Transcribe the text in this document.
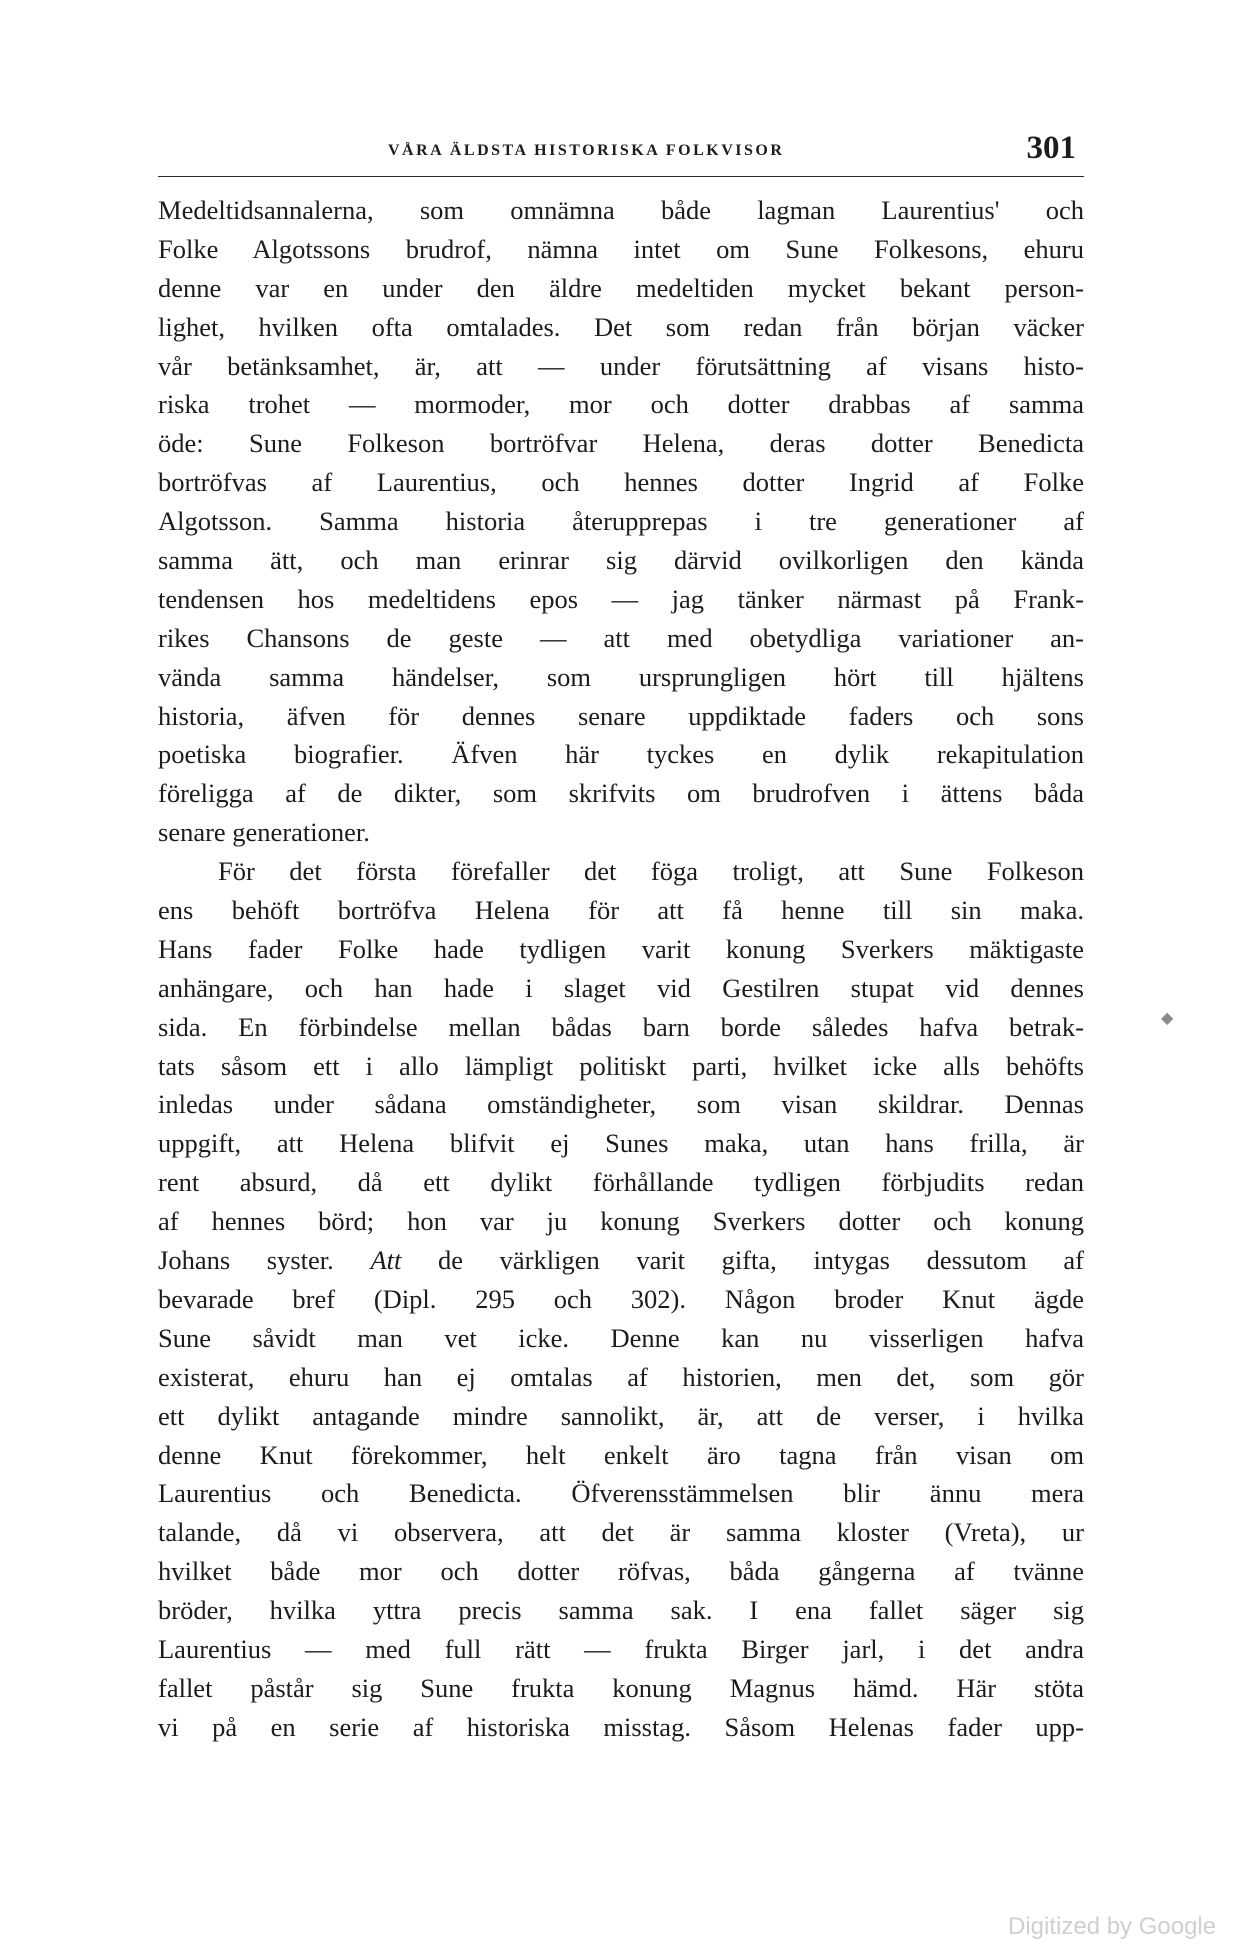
VÅRA ÄLDSTA HISTORISKA FOLKVISOR	301
Medeltidsannalerna, som omnämna både lagman Laurentius' och
Folke Algotssons brudrof, nämna intet om Sune Folkesons, ehuru
denne var en under den äldre medeltiden mycket bekant person-
lighet, hvilken ofta omtalades. Det som redan från början väcker
vår betänksamhet, är, att — under förutsättning af visans histo-
riska trohet — mormoder, mor och dotter drabbas af samma
öde: Sune Folkeson bortröfvar Helena, deras dotter Benedicta
bortröfvas af Laurentius, och hennes dotter Ingrid af Folke
Algotsson. Samma historia återupprepas i tre generationer af
samma ätt, och man erinrar sig därvid ovilkorligen den kända
tendensen hos medeltidens epos — jag tänker närmast på Frank-
rikes Chansons de geste — att med obetydliga variationer an-
vända samma händelser, som ursprungligen hört till hjältens
historia, äfven för dennes senare uppdiktade faders och sons
poetiska biografier. Äfven här tyckes en dylik rekapitulation
föreligga af de dikter, som skrifvits om brudrofven i ättens båda
senare generationer.
För det första förefaller det föga troligt, att Sune Folkeson
ens behöft bortröfva Helena för att få henne till sin maka.
Hans fader Folke hade tydligen varit konung Sverkers mäktigaste
anhängare, och han hade i slaget vid Gestilren stupat vid dennes
sida. En förbindelse mellan bådas barn borde således hafva betrak-
tats såsom ett i allo lämpligt politiskt parti, hvilket icke alls behöfts
inledas under sådana omständigheter, som visan skildrar. Dennas
uppgift, att Helena blifvit ej Sunes maka, utan hans frilla, är
rent absurd, då ett dylikt förhållande tydligen förbjudits redan
af hennes börd; hon var ju konung Sverkers dotter och konung
Johans syster. Att de värkligen varit gifta, intygas dessutom af
bevarade bref (Dipl. 295 och 302). Någon broder Knut ägde
Sune såvidt man vet icke. Denne kan nu visserligen hafva
existerat, ehuru han ej omtalas af historien, men det, som gör
ett dylikt antagande mindre sannolikt, är, att de verser, i hvilka
denne Knut förekommer, helt enkelt äro tagna från visan om
Laurentius och Benedicta. Öfverensstämmelsen blir ännu mera
talande, då vi observera, att det är samma kloster (Vreta), ur
hvilket både mor och dotter röfvas, båda gångerna af tvänne
bröder, hvilka yttra precis samma sak. I ena fallet säger sig
Laurentius — med full rätt — frukta Birger jarl, i det andra
fallet påstår sig Sune frukta konung Magnus hämd. Här stöta
vi på en serie af historiska misstag. Såsom Helenas fader upp-
◆
Digitized by Google
